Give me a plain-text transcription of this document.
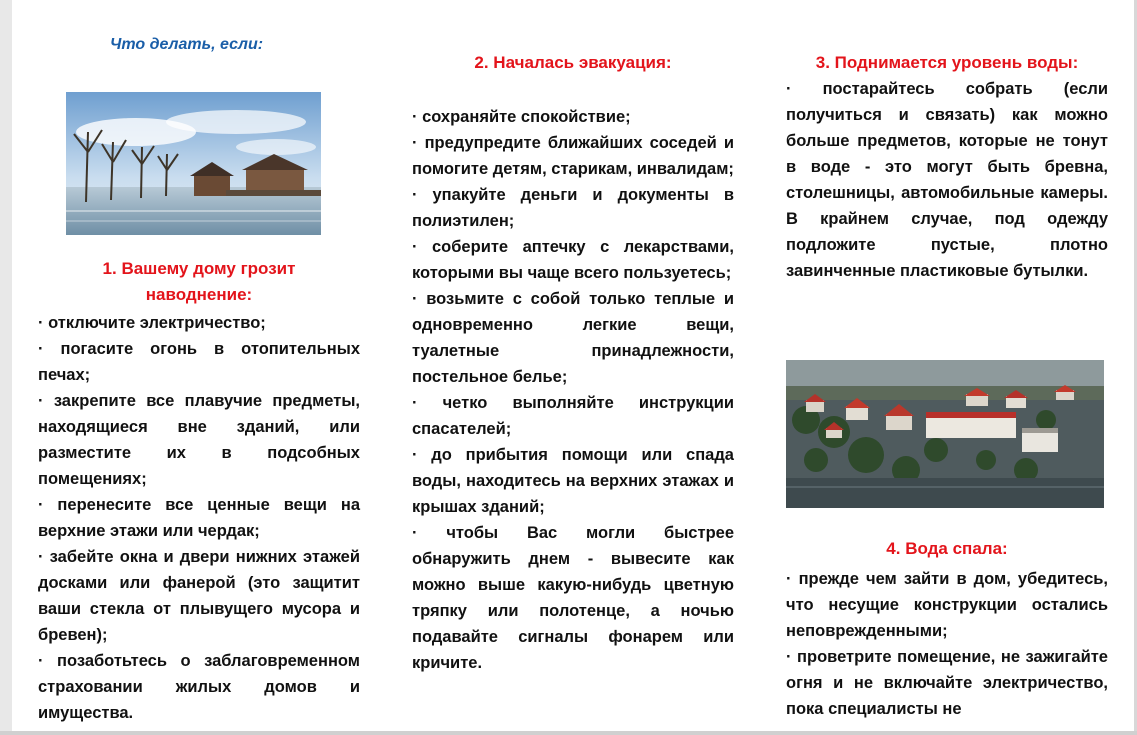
Что делать, если:
1. Вашему дому грозит наводнение:
· отключите электричество;
· погасите огонь в отопительных печах;
· закрепите все плавучие предметы, находящиеся вне зданий, или разместите их в подсобных помещениях;
· перенесите все ценные вещи на верхние этажи или чердак;
· забейте окна и двери нижних этажей досками или фанерой (это защитит ваши стекла от плывущего мусора и бревен);
· позаботьтесь о заблаговременном страховании жилых домов и имущества.
2. Началась эвакуация:
· сохраняйте спокойствие;
· предупредите ближайших соседей и помогите детям, старикам, инвалидам;
· упакуйте деньги и документы в полиэтилен;
· соберите аптечку с лекарствами, которыми вы чаще всего пользуетесь;
· возьмите с собой только теплые и одновременно легкие вещи, туалетные принадлежности, постельное белье;
· четко выполняйте инструкции спасателей;
· до прибытия помощи или спада воды, находитесь на верхних этажах и крышах зданий;
· чтобы Вас могли быстрее обнаружить днем - вывесите как можно выше какую-нибудь цветную тряпку или полотенце, а ночью подавайте сигналы фонарем или кричите.
3. Поднимается уровень воды:
· постарайтесь собрать (если получиться и связать) как можно больше предметов, которые не тонут в воде - это могут быть бревна, столешницы, автомобильные камеры. В крайнем случае, под одежду подложите пустые, плотно завинченные пластиковые бутылки.
4. Вода спала:
· прежде чем зайти в дом, убедитесь, что несущие конструкции остались неповрежденными;
· проветрите помещение, не зажигайте огня и не включайте электричество, пока специалисты не
